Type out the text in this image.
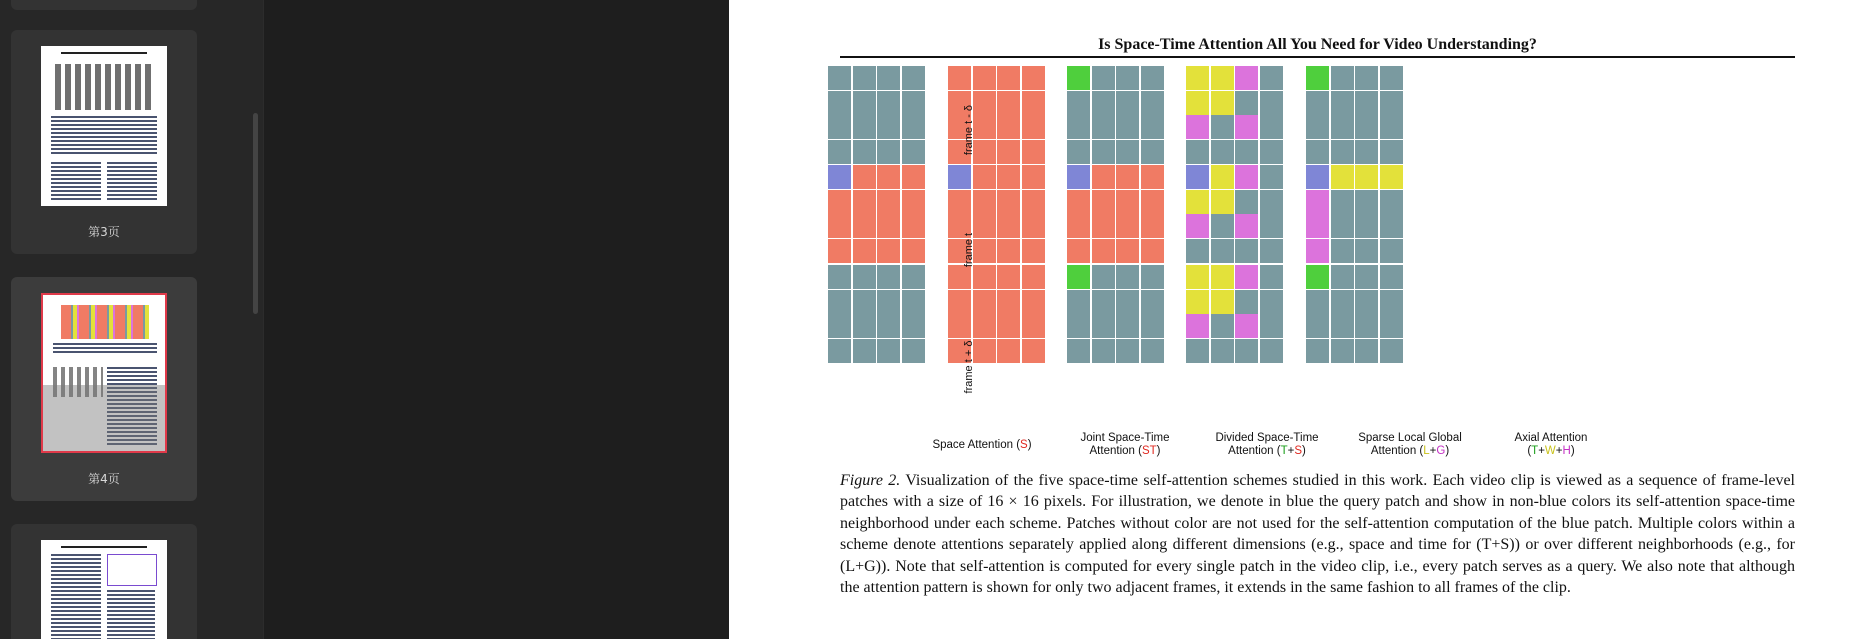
第3页
第4页
Is Space-Time Attention All You Need for Video Understanding?
frame t - δ
frame t
frame t + δ
Space Attention (S)
Joint Space-Time
Attention (ST)
Divided Space-Time
Attention (T+S)
Sparse Local Global
Attention (L+G)
Axial Attention
(T+W+H)
Figure 2. Visualization of the five space-time self-attention schemes studied in this work. Each video clip is viewed as a sequence of frame-level patches with a size of 16 × 16 pixels. For illustration, we denote in blue the query patch and show in non-blue colors its self-attention space-time neighborhood under each scheme. Patches without color are not used for the self-attention computation of the blue patch. Multiple colors within a scheme denote attentions separately applied along different dimensions (e.g., space and time for (T+S)) or over different neighborhoods (e.g., for (L+G)). Note that self-attention is computed for every single patch in the video clip, i.e., every patch serves as a query. We also note that although the attention pattern is shown for only two adjacent frames, it extends in the same fashion to all frames of the clip.
